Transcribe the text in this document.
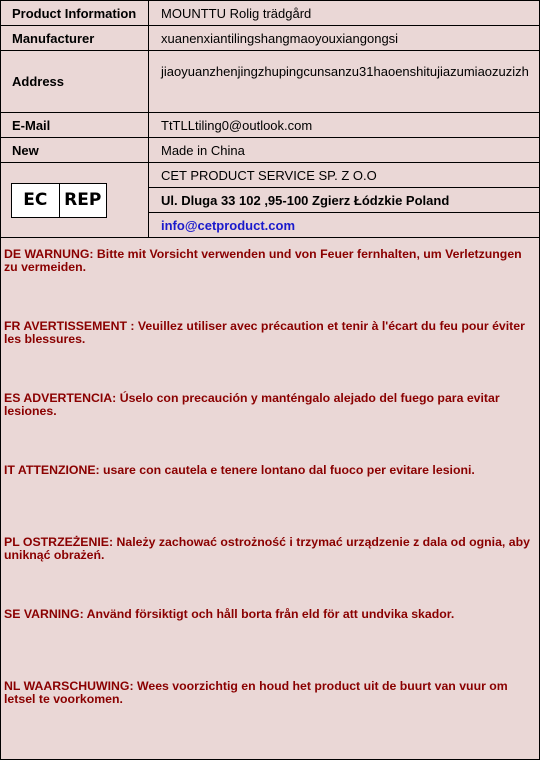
Product Information	MOUNTTU Rolig trädgård
Manufacturer	xuanenxiantilingshangmaoyouxiangongsi
Address	jiaoyuanzhenjingzhupingcunsanzu31haoenshitujiazumiaozuzizh
E-Mail	TtTLLtiling0@outlook.com
New	Made in China

EC REP	CET PRODUCT SERVICE SP. Z O.O
	Ul. Dluga 33 102 ,95-100 Zgierz Łódzkie Poland
	info@cetproduct.com
DE WARNUNG: Bitte mit Vorsicht verwenden und von Feuer fernhalten, um Verletzungen zu vermeiden.
FR AVERTISSEMENT : Veuillez utiliser avec précaution et tenir à l'écart du feu pour éviter les blessures.
ES ADVERTENCIA: Úselo con precaución y manténgalo alejado del fuego para evitar lesiones.
IT ATTENZIONE: usare con cautela e tenere lontano dal fuoco per evitare lesioni.
PL OSTRZEŻENIE: Należy zachować ostrożność i trzymać urządzenie z dala od ognia, aby uniknąć obrażeń.
SE VARNING: Använd försiktigt och håll borta från eld för att undvika skador.
NL WAARSCHUWING: Wees voorzichtig en houd het product uit de buurt van vuur om letsel te voorkomen.
